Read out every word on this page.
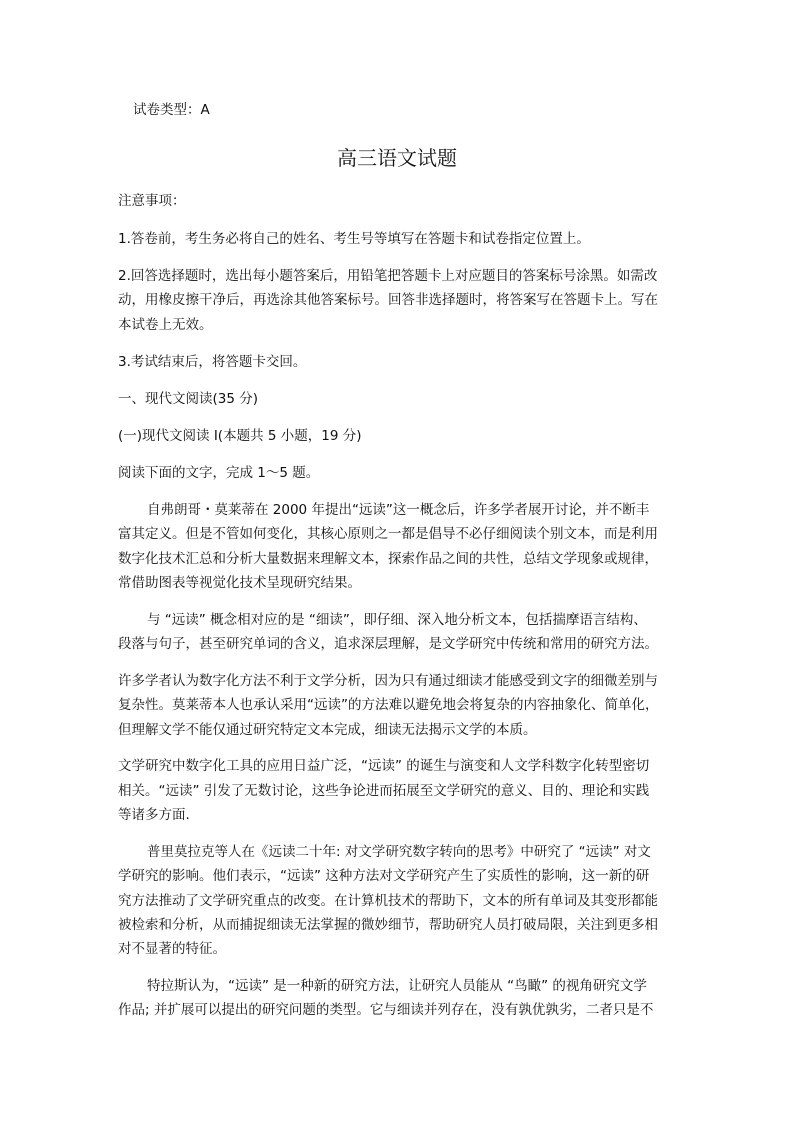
试卷类型：A
高三语文试题
注意事项：
1.答卷前，考生务必将自己的姓名、考生号等填写在答题卡和试卷指定位置上。
2.回答选择题时，选出每小题答案后，用铅笔把答题卡上对应题目的答案标号涂黑。如需改
动，用橡皮擦干净后，再选涂其他答案标号。回答非选择题时，将答案写在答题卡上。写在
本试卷上无效。
3.考试结束后，将答题卡交回。
一、现代文阅读(35 分)
(一)现代文阅读 I(本题共 5 小题，19 分)
阅读下面的文字，完成 1～5 题。
自弗朗哥・莫莱蒂在 2000 年提出“远读”这一概念后，许多学者展开讨论，并不断丰
富其定义。但是不管如何变化，其核心原则之一都是倡导不必仔细阅读个别文本，而是利用
数字化技术汇总和分析大量数据来理解文本，探索作品之间的共性，总结文学现象或规律，
常借助图表等视觉化技术呈现研究结果。
与 “远读” 概念相对应的是 “细读”，即仔细、深入地分析文本，包括揣摩语言结构、
段落与句子，甚至研究单词的含义，追求深层理解，是文学研究中传统和常用的研究方法。
许多学者认为数字化方法不利于文学分析，因为只有通过细读才能感受到文字的细微差别与
复杂性。莫莱蒂本人也承认采用“远读”的方法难以避免地会将复杂的内容抽象化、简单化，
但理解文学不能仅通过研究特定文本完成，细读无法揭示文学的本质。
文学研究中数字化工具的应用日益广泛，“远读” 的诞生与演变和人文学科数字化转型密切
相关。“远读” 引发了无数讨论，这些争论进而拓展至文学研究的意义、目的、理论和实践
等诸多方面.
普里莫拉克等人在《远读二十年: 对文学研究数字转向的思考》中研究了 “远读” 对文
学研究的影响。他们表示，“远读” 这种方法对文学研究产生了实质性的影响，这一新的研
究方法推动了文学研究重点的改变。在计算机技术的帮助下，文本的所有单词及其变形都能
被检索和分析，从而捕捉细读无法掌握的微妙细节，帮助研究人员打破局限，关注到更多相
对不显著的特征。
特拉斯认为，“远读” 是一种新的研究方法，让研究人员能从 “鸟瞰” 的视角研究文学
作品; 并扩展可以提出的研究问题的类型。它与细读并列存在，没有孰优孰劣，二者只是不
